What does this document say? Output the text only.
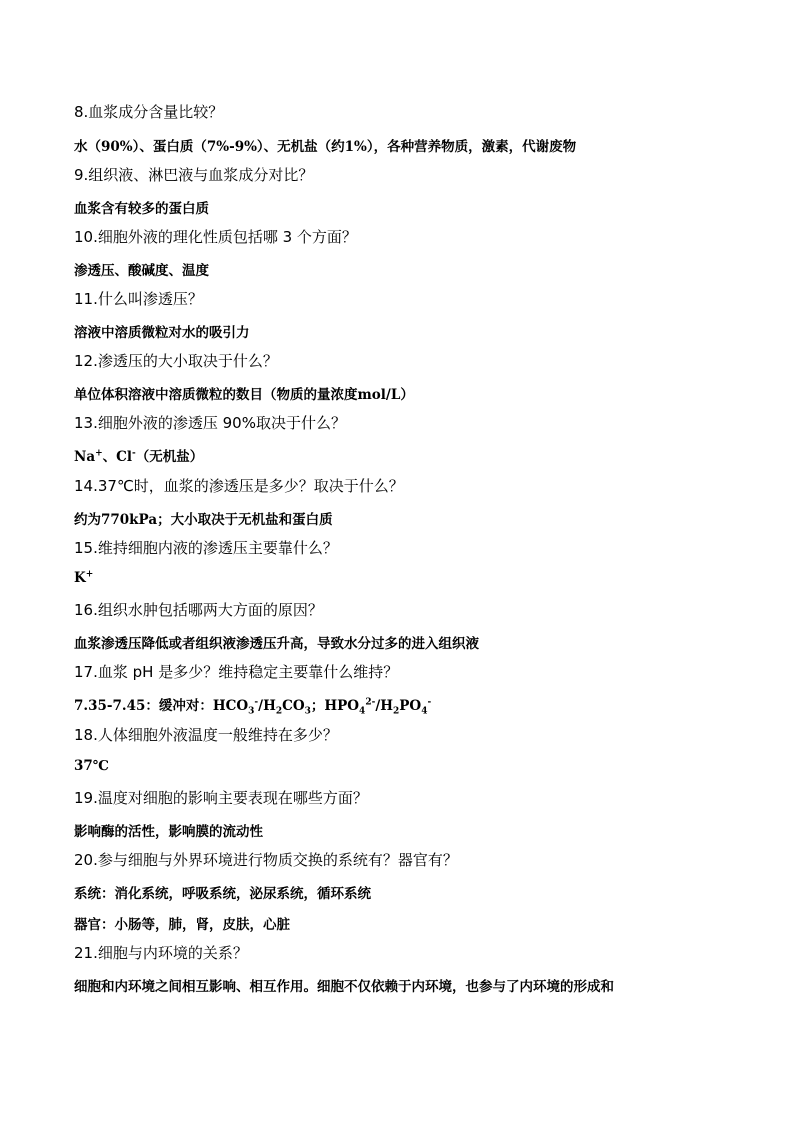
8.血浆成分含量比较？
水（90%）、蛋白质（7%-9%）、无机盐（约1%），各种营养物质，激素，代谢废物
9.组织液、淋巴液与血浆成分对比？
血浆含有较多的蛋白质
10.细胞外液的理化性质包括哪 3 个方面？
渗透压、酸碱度、温度
11.什么叫渗透压？
溶液中溶质微粒对水的吸引力
12.渗透压的大小取决于什么？
单位体积溶液中溶质微粒的数目（物质的量浓度mol/L）
13.细胞外液的渗透压 90%取决于什么？
Na+、Cl-（无机盐）
14.37℃时，血浆的渗透压是多少？取决于什么？
约为770kPa；大小取决于无机盐和蛋白质
15.维持细胞内液的渗透压主要靠什么？
K+
16.组织水肿包括哪两大方面的原因？
血浆渗透压降低或者组织液渗透压升高，导致水分过多的进入组织液
17.血浆 pH 是多少？维持稳定主要靠什么维持？
7.35-7.45：缓冲对：$HCO_3^-/H_2CO_3$；$HPO_4^{2-}/H_2PO_4^-$
18.人体细胞外液温度一般维持在多少？
37℃
19.温度对细胞的影响主要表现在哪些方面？
影响酶的活性，影响膜的流动性
20.参与细胞与外界环境进行物质交换的系统有？器官有？
系统：消化系统，呼吸系统，泌尿系统，循环系统
器官：小肠等，肺，肾，皮肤，心脏
21.细胞与内环境的关系？
细胞和内环境之间相互影响、相互作用。细胞不仅依赖于内环境，也参与了内环境的形成和
